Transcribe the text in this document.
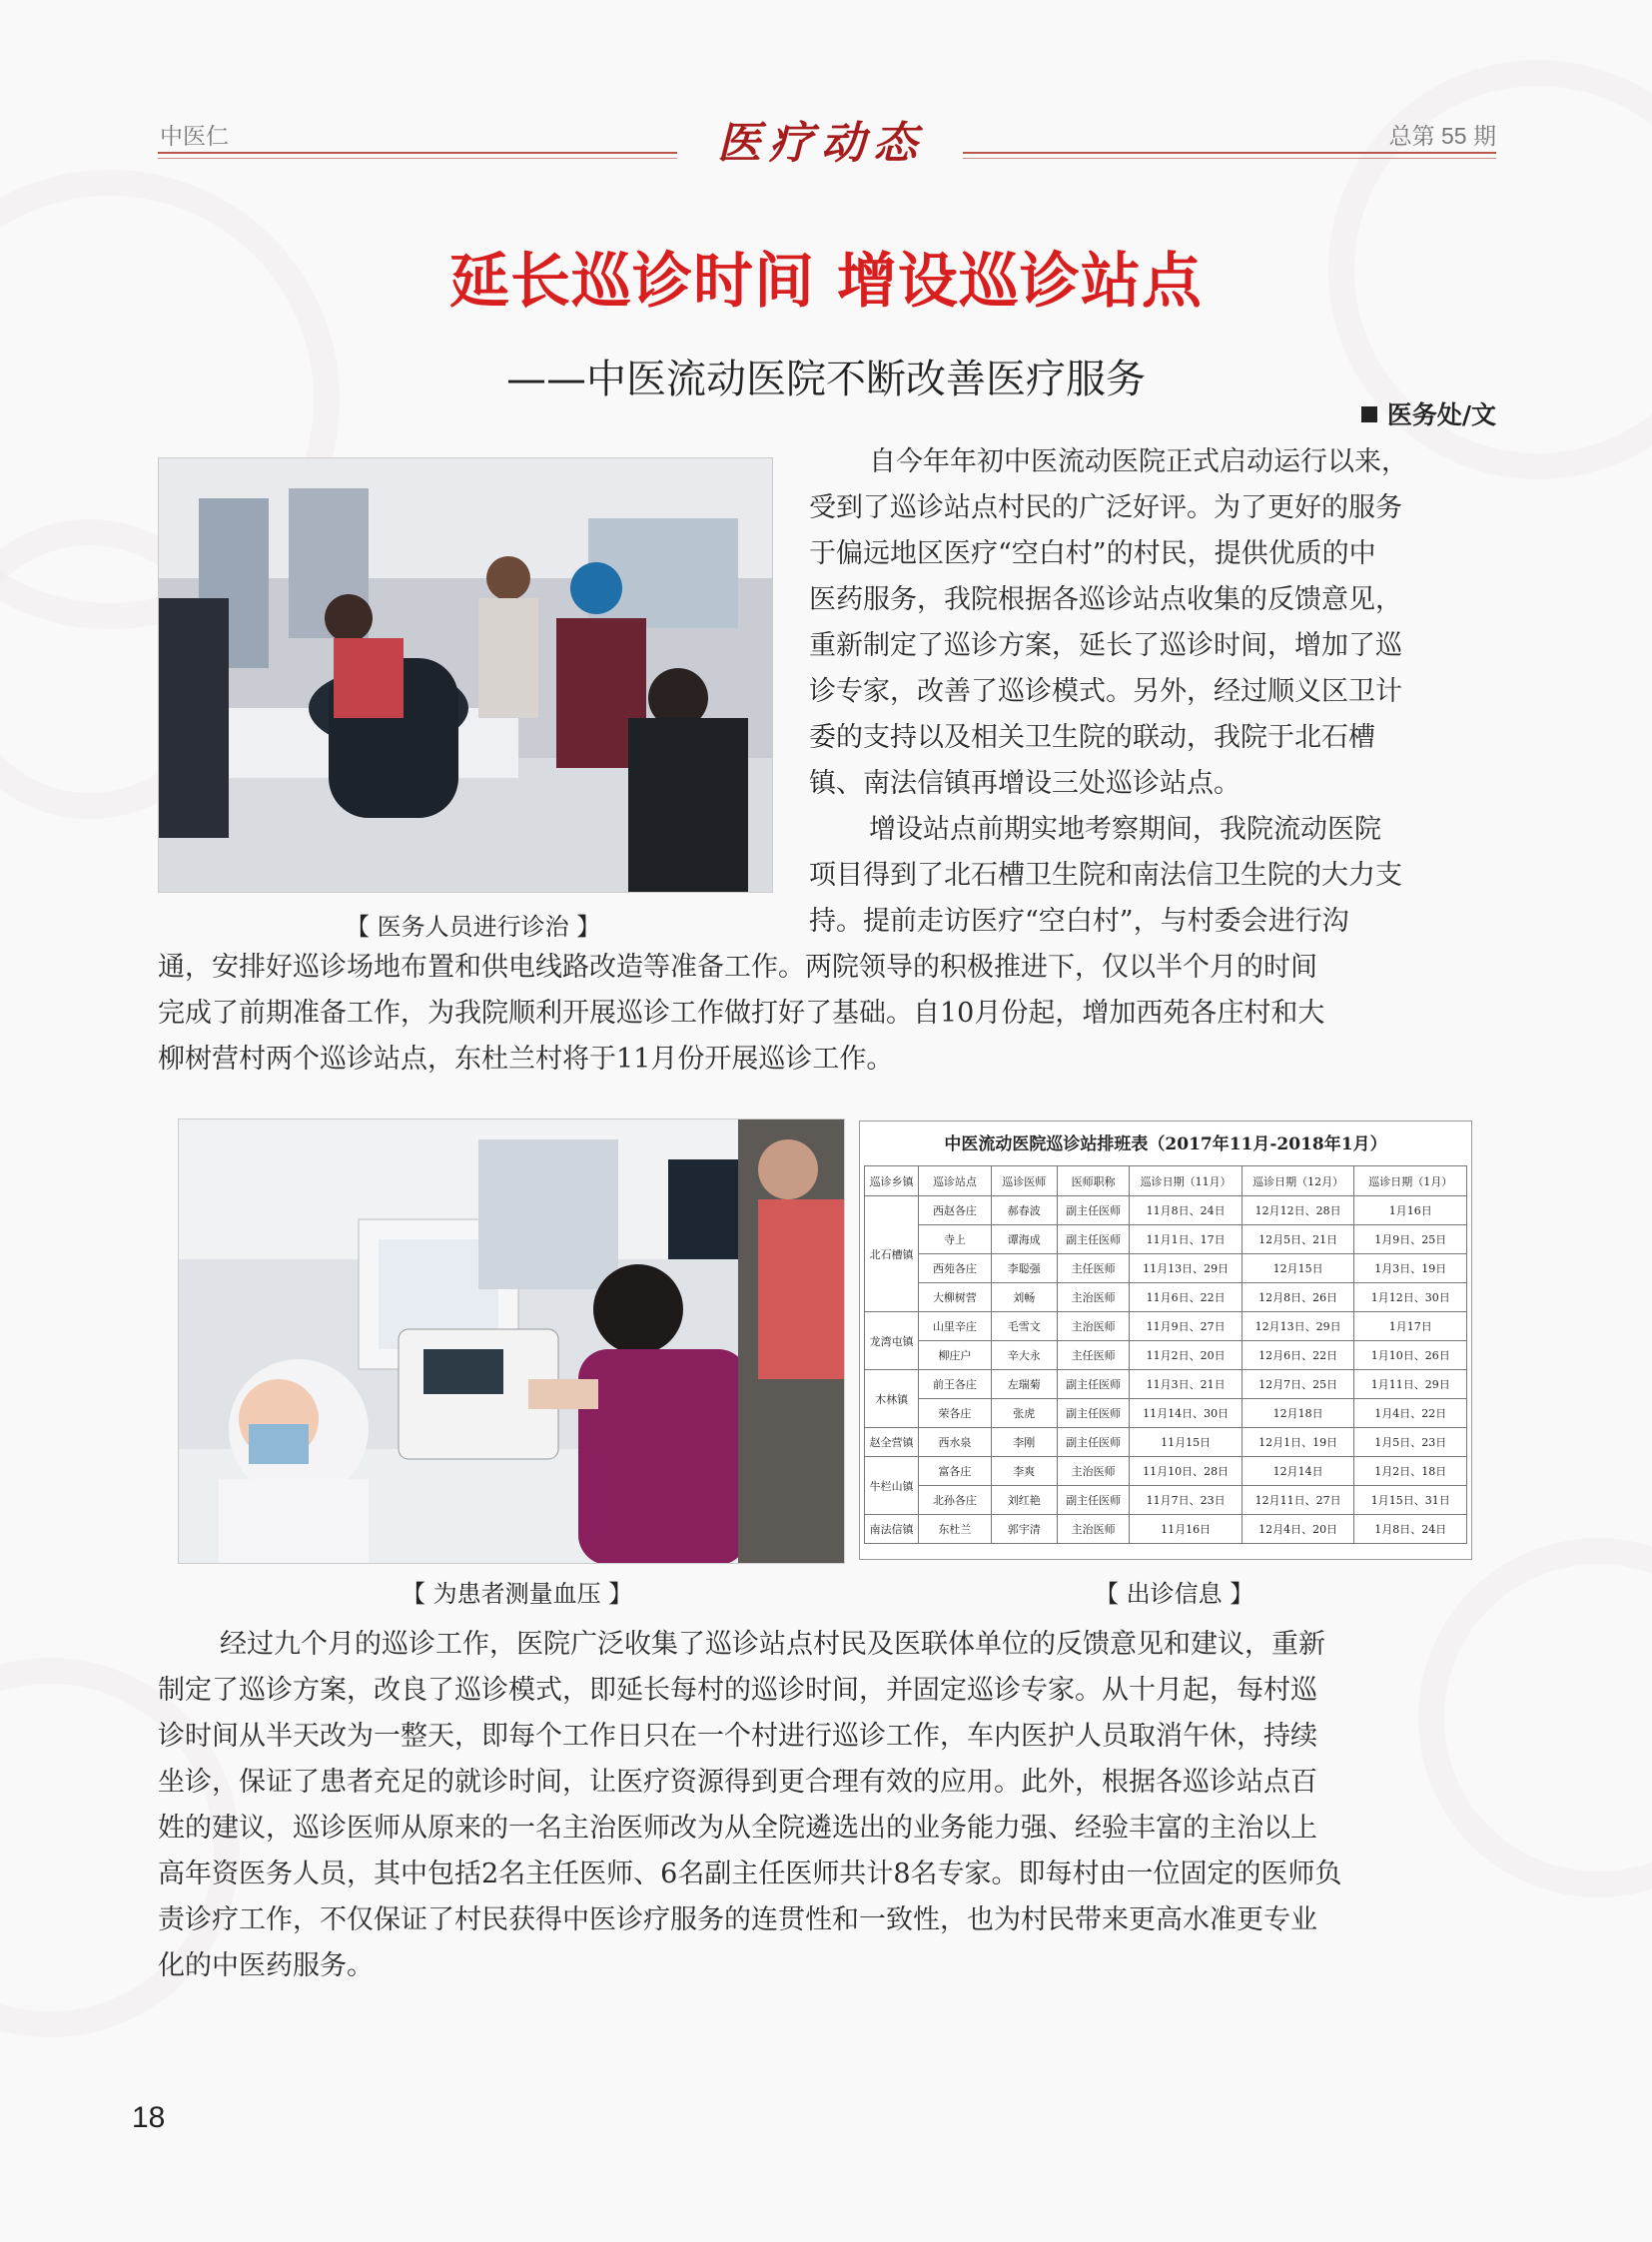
中医仁	总第 55 期
医疗动态
延长巡诊时间 增设巡诊站点
——中医流动医院不断改善医疗服务
医务处/文
【 医务人员进行诊治 】
自今年年初中医流动医院正式启动运行以来，
受到了巡诊站点村民的广泛好评。为了更好的服务
于偏远地区医疗“空白村”的村民，提供优质的中
医药服务，我院根据各巡诊站点收集的反馈意见，
重新制定了巡诊方案，延长了巡诊时间，增加了巡
诊专家，改善了巡诊模式。另外，经过顺义区卫计
委的支持以及相关卫生院的联动，我院于北石槽
镇、南法信镇再增设三处巡诊站点。
增设站点前期实地考察期间，我院流动医院
项目得到了北石槽卫生院和南法信卫生院的大力支
持。提前走访医疗“空白村”，与村委会进行沟
通，安排好巡诊场地布置和供电线路改造等准备工作。两院领导的积极推进下，仅以半个月的时间
完成了前期准备工作，为我院顺利开展巡诊工作做打好了基础。自10月份起，增加西苑各庄村和大
柳树营村两个巡诊站点，东杜兰村将于11月份开展巡诊工作。
【 为患者测量血压 】
中医流动医院巡诊站排班表（2017年11月-2018年1月）
巡诊乡镇	巡诊站点	巡诊医师	医师职称	巡诊日期（11月）	巡诊日期（12月）	巡诊日期（1月）
北石槽镇	西赵各庄	郝春波	副主任医师	11月8日、24日	12月12日、28日	1月16日
	寺上	谭海成	副主任医师	11月1日、17日	12月5日、21日	1月9日、25日
	西苑各庄	李聪强	主任医师	11月13日、29日	12月15日	1月3日、19日
	大柳树营	刘畅	主治医师	11月6日、22日	12月8日、26日	1月12日、30日
龙湾屯镇	山里辛庄	毛雪文	主治医师	11月9日、27日	12月13日、29日	1月17日
	柳庄户	辛大永	主任医师	11月2日、20日	12月6日、22日	1月10日、26日
木林镇	前王各庄	左瑞菊	副主任医师	11月3日、21日	12月7日、25日	1月11日、29日
	荣各庄	张虎	副主任医师	11月14日、30日	12月18日	1月4日、22日
赵全营镇	西水泉	李刚	副主任医师	11月15日	12月1日、19日	1月5日、23日
牛栏山镇	富各庄	李爽	主治医师	11月10日、28日	12月14日	1月2日、18日
	北孙各庄	刘红艳	副主任医师	11月7日、23日	12月11日、27日	1月15日、31日
南法信镇	东杜兰	郭宇清	主治医师	11月16日	12月4日、20日	1月8日、24日
【 出诊信息 】
经过九个月的巡诊工作，医院广泛收集了巡诊站点村民及医联体单位的反馈意见和建议，重新
制定了巡诊方案，改良了巡诊模式，即延长每村的巡诊时间，并固定巡诊专家。从十月起，每村巡
诊时间从半天改为一整天，即每个工作日只在一个村进行巡诊工作，车内医护人员取消午休，持续
坐诊，保证了患者充足的就诊时间，让医疗资源得到更合理有效的应用。此外，根据各巡诊站点百
姓的建议，巡诊医师从原来的一名主治医师改为从全院遴选出的业务能力强、经验丰富的主治以上
高年资医务人员，其中包括2名主任医师、6名副主任医师共计8名专家。即每村由一位固定的医师负
责诊疗工作，不仅保证了村民获得中医诊疗服务的连贯性和一致性，也为村民带来更高水准更专业
化的中医药服务。
18
